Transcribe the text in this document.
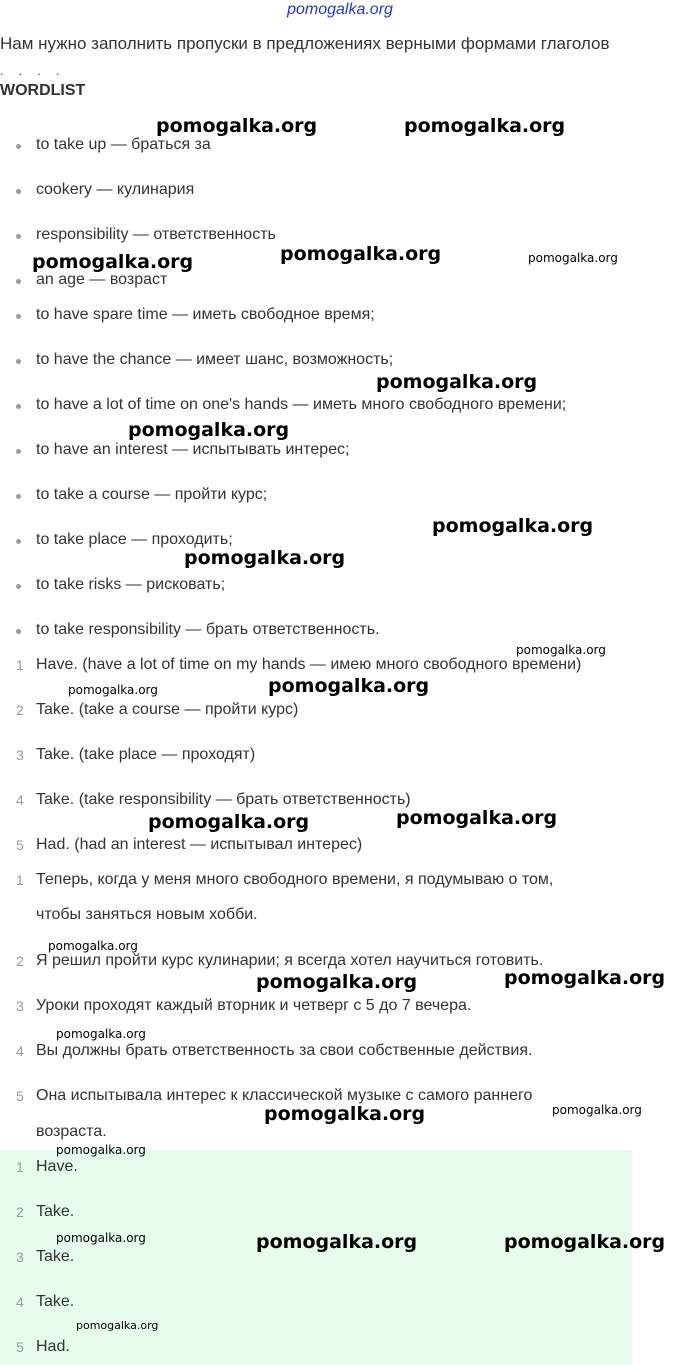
pomogalka.org
Нам нужно заполнить пропуски в предложениях верными формами глаголов
. . . .
WORDLIST
to take up — браться за
cookery — кулинария
responsibility — ответственность
an age — возраст
to have spare time — иметь свободное время;
to have the chance — имеет шанс, возможность;
to have a lot of time on one's hands — иметь много свободного времени;
to have an interest — испытывать интерес;
to take a course — пройти курс;
to take place — проходить;
to take risks — рисковать;
to take responsibility — брать ответственность.
1 Have. (have a lot of time on my hands — имею много свободного времени)
2 Take. (take a course — пройти курс)
3 Take. (take place — проходят)
4 Take. (take responsibility — брать ответственность)
5 Had. (had an interest — испытывал интерес)
1 Теперь, когда у меня много свободного времени, я подумываю о том,
чтобы заняться новым хобби.
2 Я решил пройти курс кулинарии; я всегда хотел научиться готовить.
3 Уроки проходят каждый вторник и четверг с 5 до 7 вечера.
4 Вы должны брать ответственность за свои собственные действия.
5 Она испытывала интерес к классической музыке с самого раннего
возраста.
1 Have.
2 Take.
3 Take.
4 Take.
5 Had.
pomogalka.org	pomogalka.org
pomogalka.org
pomogalka.org	pomogalka.org
pomogalka.org
pomogalka.org
pomogalka.org
pomogalka.org
pomogalka.org
pomogalka.org
pomogalka.org
pomogalka.org
pomogalka.org
pomogalka.org
pomogalka.org	pomogalka.org
pomogalka.org
pomogalka.org
pomogalka.org
pomogalka.org
pomogalka.org	pomogalka.org	pomogalka.org
pomogalka.org
